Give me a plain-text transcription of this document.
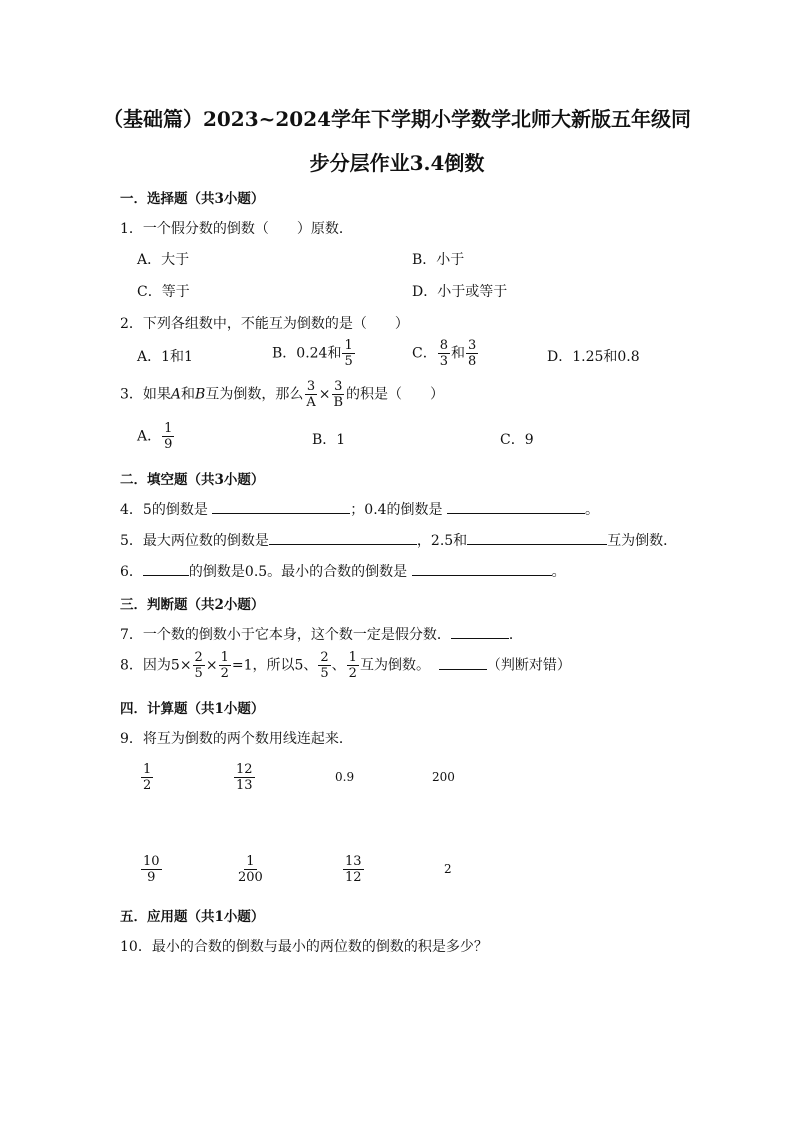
（基础篇）2023~2024学年下学期小学数学北师大新版五年级同
步分层作业3.4倒数
一．选择题（共3小题）
1．一个假分数的倒数（　　）原数．
A．大于	B．小于
C．等于	D．小于或等于
2．下列各组数中，不能互为倒数的是（　　）
A．1和1	B．0.24和 $\frac{1}{5}$	C． $\frac{8}{3}$ 和 $\frac{3}{8}$	D．1.25和0.8
3．如果A和B互为倒数，那么 $\frac{3}{A} \times \frac{3}{B}$ 的积是（　　）
A． $\frac{1}{9}$	B．1	C．9
二．填空题（共3小题）
4．5的倒数是	；0.4的倒数是	。
5．最大两位数的倒数是	，2.5和	互为倒数．
6．	的倒数是0.5。最小的合数的倒数是	。
三．判断题（共2小题）
7．一个数的倒数小于它本身，这个数一定是假分数．	．
8．因为$5\times \frac{2}{5} \times \frac{1}{2} =1$，所以5、 $\frac{2}{5}$ 、 $\frac{1}{2}$ 互为倒数。	（判断对错）
四．计算题（共1小题）
9．将互为倒数的两个数用线连起来．
$\frac{1}{2}$	$\frac{12}{13}$	0.9	200
$\frac{10}{9}$	$\frac{1}{200}$	$\frac{13}{12}$	2
五．应用题（共1小题）
10．最小的合数的倒数与最小的两位数的倒数的积是多少？
